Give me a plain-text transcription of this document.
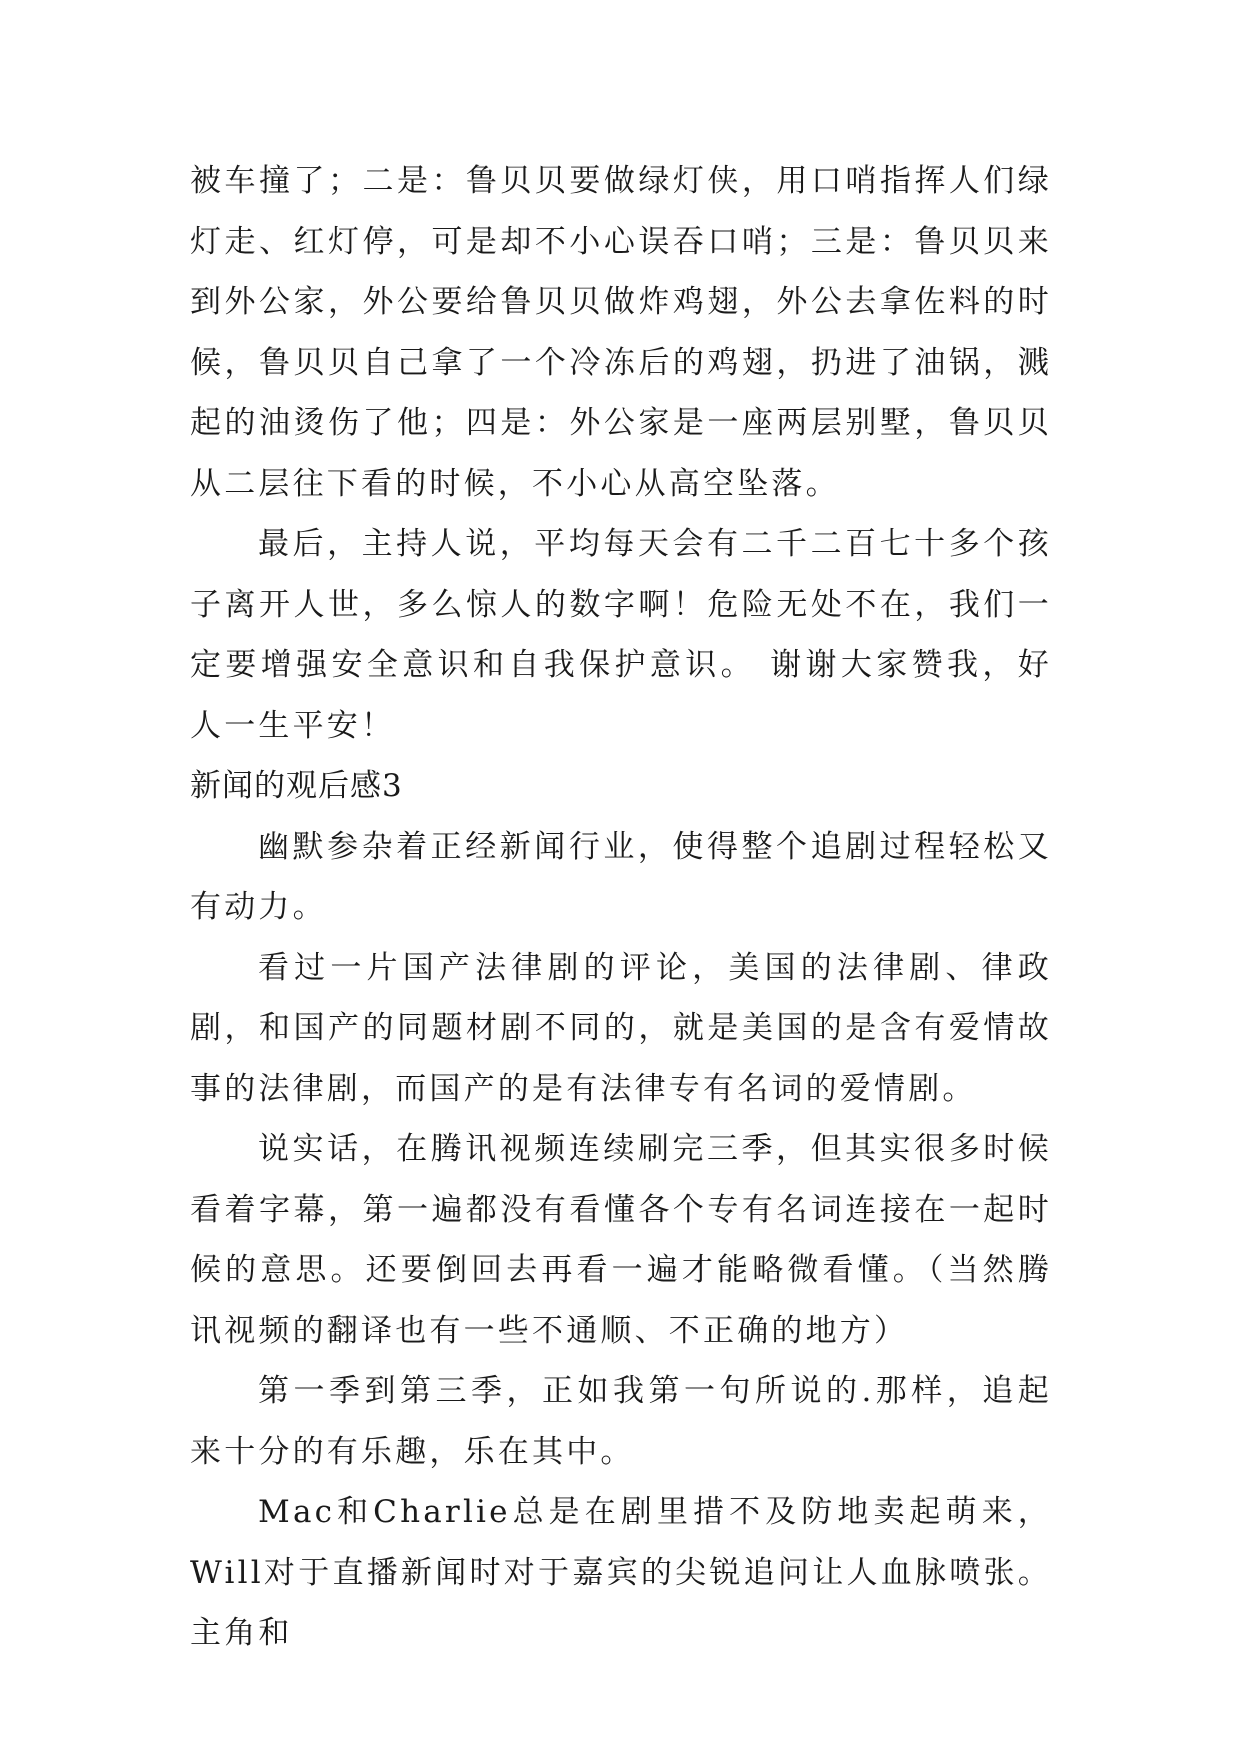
被车撞了；二是：鲁贝贝要做绿灯侠，用口哨指挥人们绿灯走、红灯停，可是却不小心误吞口哨；三是：鲁贝贝来到外公家，外公要给鲁贝贝做炸鸡翅，外公去拿佐料的时候，鲁贝贝自己拿了一个冷冻后的鸡翅，扔进了油锅，溅起的油烫伤了他；四是：外公家是一座两层别墅，鲁贝贝从二层往下看的时候，不小心从高空坠落。

最后，主持人说，平均每天会有二千二百七十多个孩子离开人世，多么惊人的数字啊！危险无处不在，我们一定要增强安全意识和自我保护意识。 谢谢大家赞我，好人一生平安！

新闻的观后感3

幽默参杂着正经新闻行业，使得整个追剧过程轻松又有动力。

看过一片国产法律剧的评论，美国的法律剧、律政剧，和国产的同题材剧不同的，就是美国的是含有爱情故事的法律剧，而国产的是有法律专有名词的爱情剧。

说实话，在腾讯视频连续刷完三季，但其实很多时候看着字幕，第一遍都没有看懂各个专有名词连接在一起时候的意思。还要倒回去再看一遍才能略微看懂。（当然腾讯视频的翻译也有一些不通顺、不正确的地方）

第一季到第三季，正如我第一句所说的.那样，追起来十分的有乐趣，乐在其中。

Mac和Charlie总是在剧里措不及防地卖起萌来，Will对于直播新闻时对于嘉宾的尖锐追问让人血脉喷张。主角和
